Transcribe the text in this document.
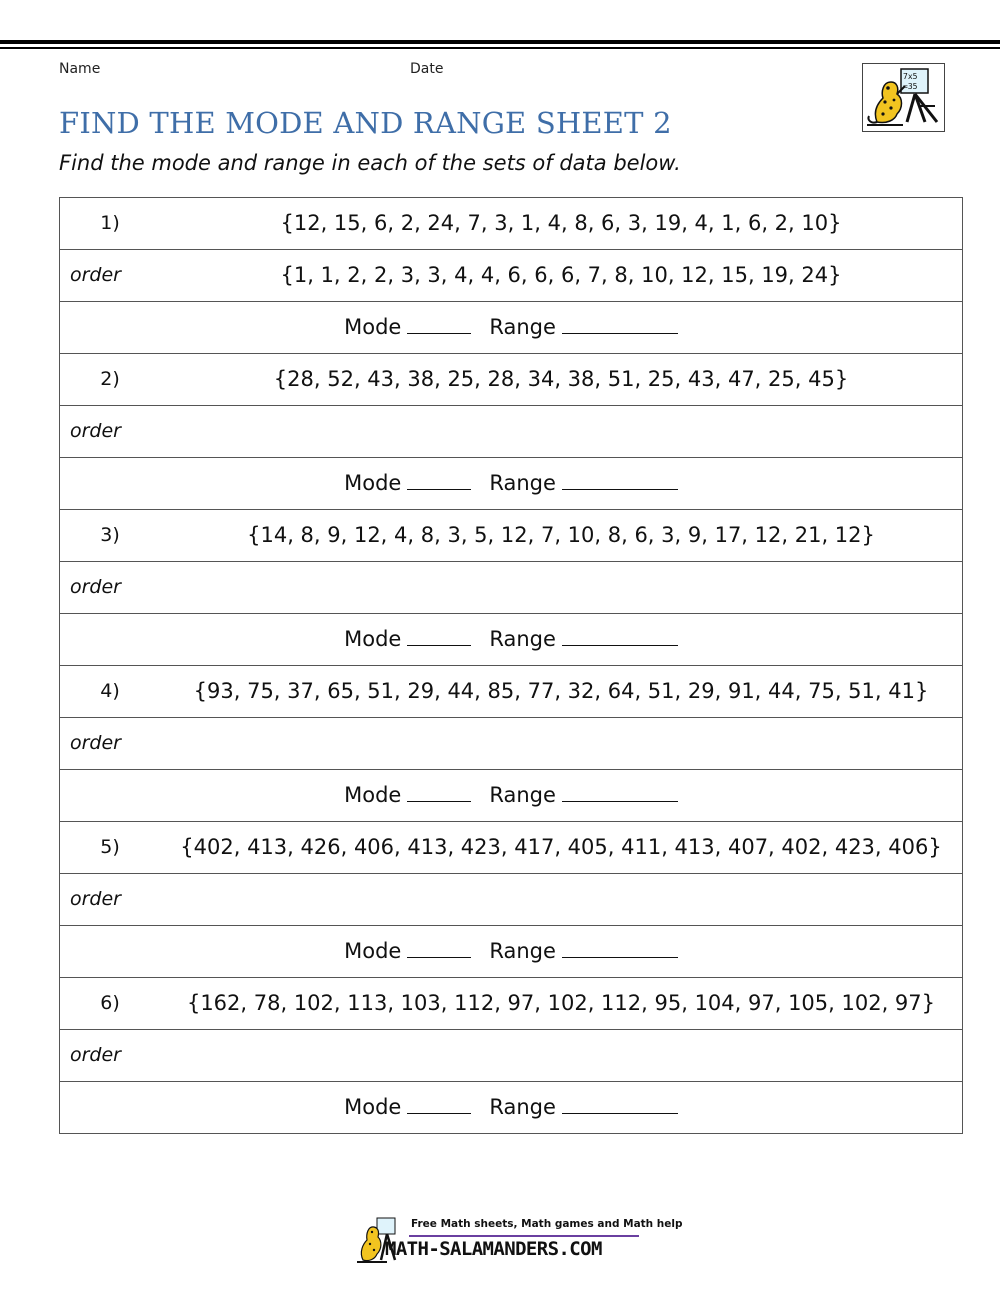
Name	Date	7x5
=35
FIND THE MODE AND RANGE SHEET 2
Find the mode and range in each of the sets of data below.
1)	{12, 15, 6, 2, 24, 7, 3, 1, 4, 8, 6, 3, 19, 4, 1, 6, 2, 10}
order	{1, 1, 2, 2, 3, 3, 4, 4, 6, 6, 6, 7, 8, 10, 12, 15, 19, 24}
Mode	Range
2)	{28, 52, 43, 38, 25, 28, 34, 38, 51, 25, 43, 47, 25, 45}
order
Mode	Range
3)	{14, 8, 9, 12, 4, 8, 3, 5, 12, 7, 10, 8, 6, 3, 9, 17, 12, 21, 12}
order
Mode	Range
4)	{93, 75, 37, 65, 51, 29, 44, 85, 77, 32, 64, 51, 29, 91, 44, 75, 51, 41}
order
Mode	Range
5)	{402, 413, 426, 406, 413, 423, 417, 405, 411, 413, 407, 402, 423, 406}
order
Mode	Range
6)	{162, 78, 102, 113, 103, 112, 97, 102, 112, 95, 104, 97, 105, 102, 97}
order
Mode	Range
Free Math sheets, Math games and Math help
MATH-SALAMANDERS.COM
